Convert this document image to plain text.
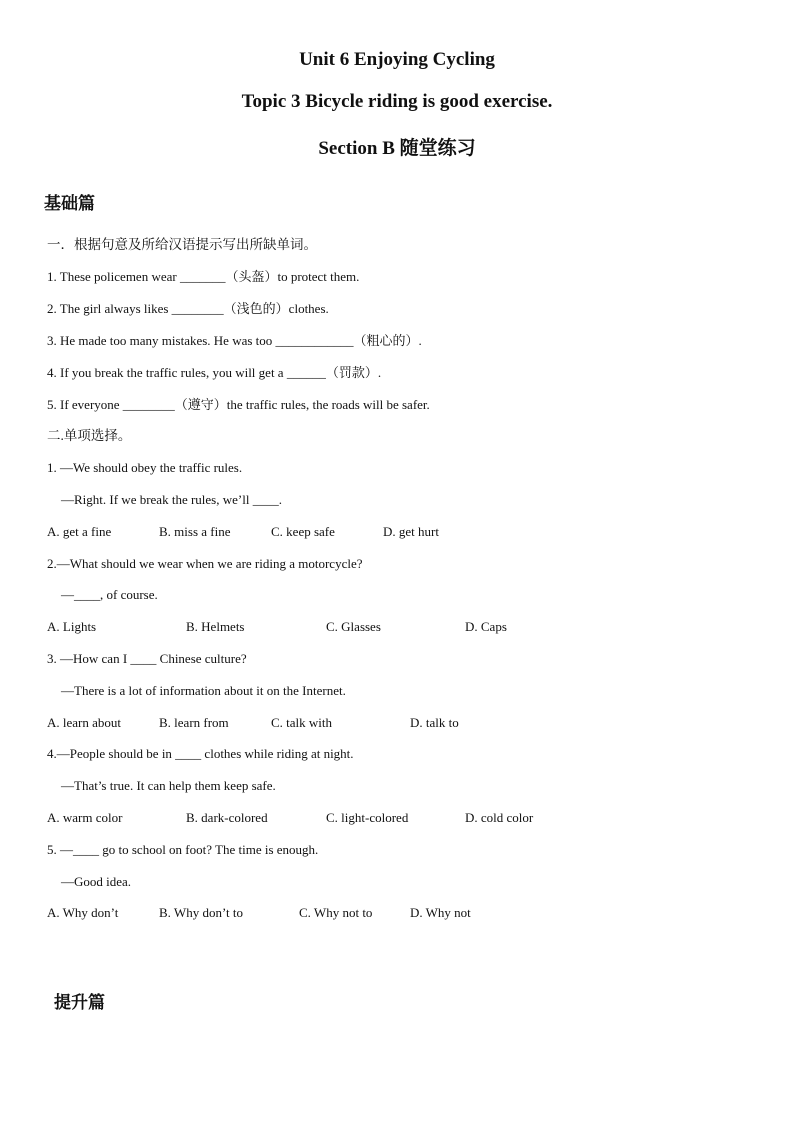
Unit 6 Enjoying Cycling
Topic 3 Bicycle riding is good exercise.
Section B 随堂练习
基础篇
一．根据句意及所给汉语提示写出所缺单词。
1. These policemen wear _______（头盔）to protect them.
2. The girl always likes ________（浅色的）clothes.
3. He made too many mistakes. He was too ____________（粗心的）.
4. If you break the traffic rules, you will get a ______（罚款）.
5. If everyone ________（遵守）the traffic rules, the roads will be safer.
二.单项选择。
1. —We should obey the traffic rules.
—Right. If we break the rules, we’ll ____.
A. get a fine	B. miss a fine	C. keep safe	D. get hurt
2.—What should we wear when we are riding a motorcycle?
—____, of course.
A. Lights	B. Helmets	C. Glasses	D. Caps
3. —How can I ____ Chinese culture?
—There is a lot of information about it on the Internet.
A. learn about	B. learn from	C. talk with	D. talk to
4.—People should be in ____ clothes while riding at night.
—That’s true. It can help them keep safe.
A. warm color	B. dark-colored	C. light-colored	D. cold color
5. —____ go to school on foot? The time is enough.
—Good idea.
A. Why don’t	B. Why don’t to	C. Why not to	D. Why not
提升篇
